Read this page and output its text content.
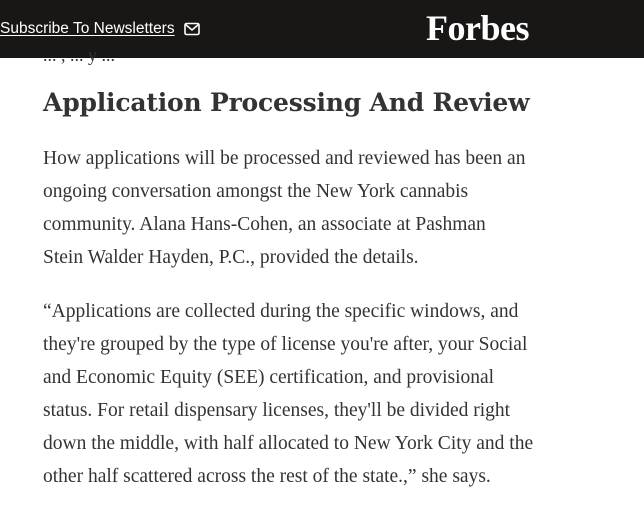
Subscribe To Newsletters	Forbes
... , ... y ...
Application Processing And Review

How applications will be processed and reviewed has been an
ongoing conversation amongst the New York cannabis
community. Alana Hans-Cohen, an associate at Pashman
Stein Walder Hayden, P.C., provided the details.

“Applications are collected during the specific windows, and
they're grouped by the type of license you're after, your Social
and Economic Equity (SEE) certification, and provisional
status. For retail dispensary licenses, they'll be divided right
down the middle, with half allocated to New York City and the
other half scattered across the rest of the state.,” she says.
